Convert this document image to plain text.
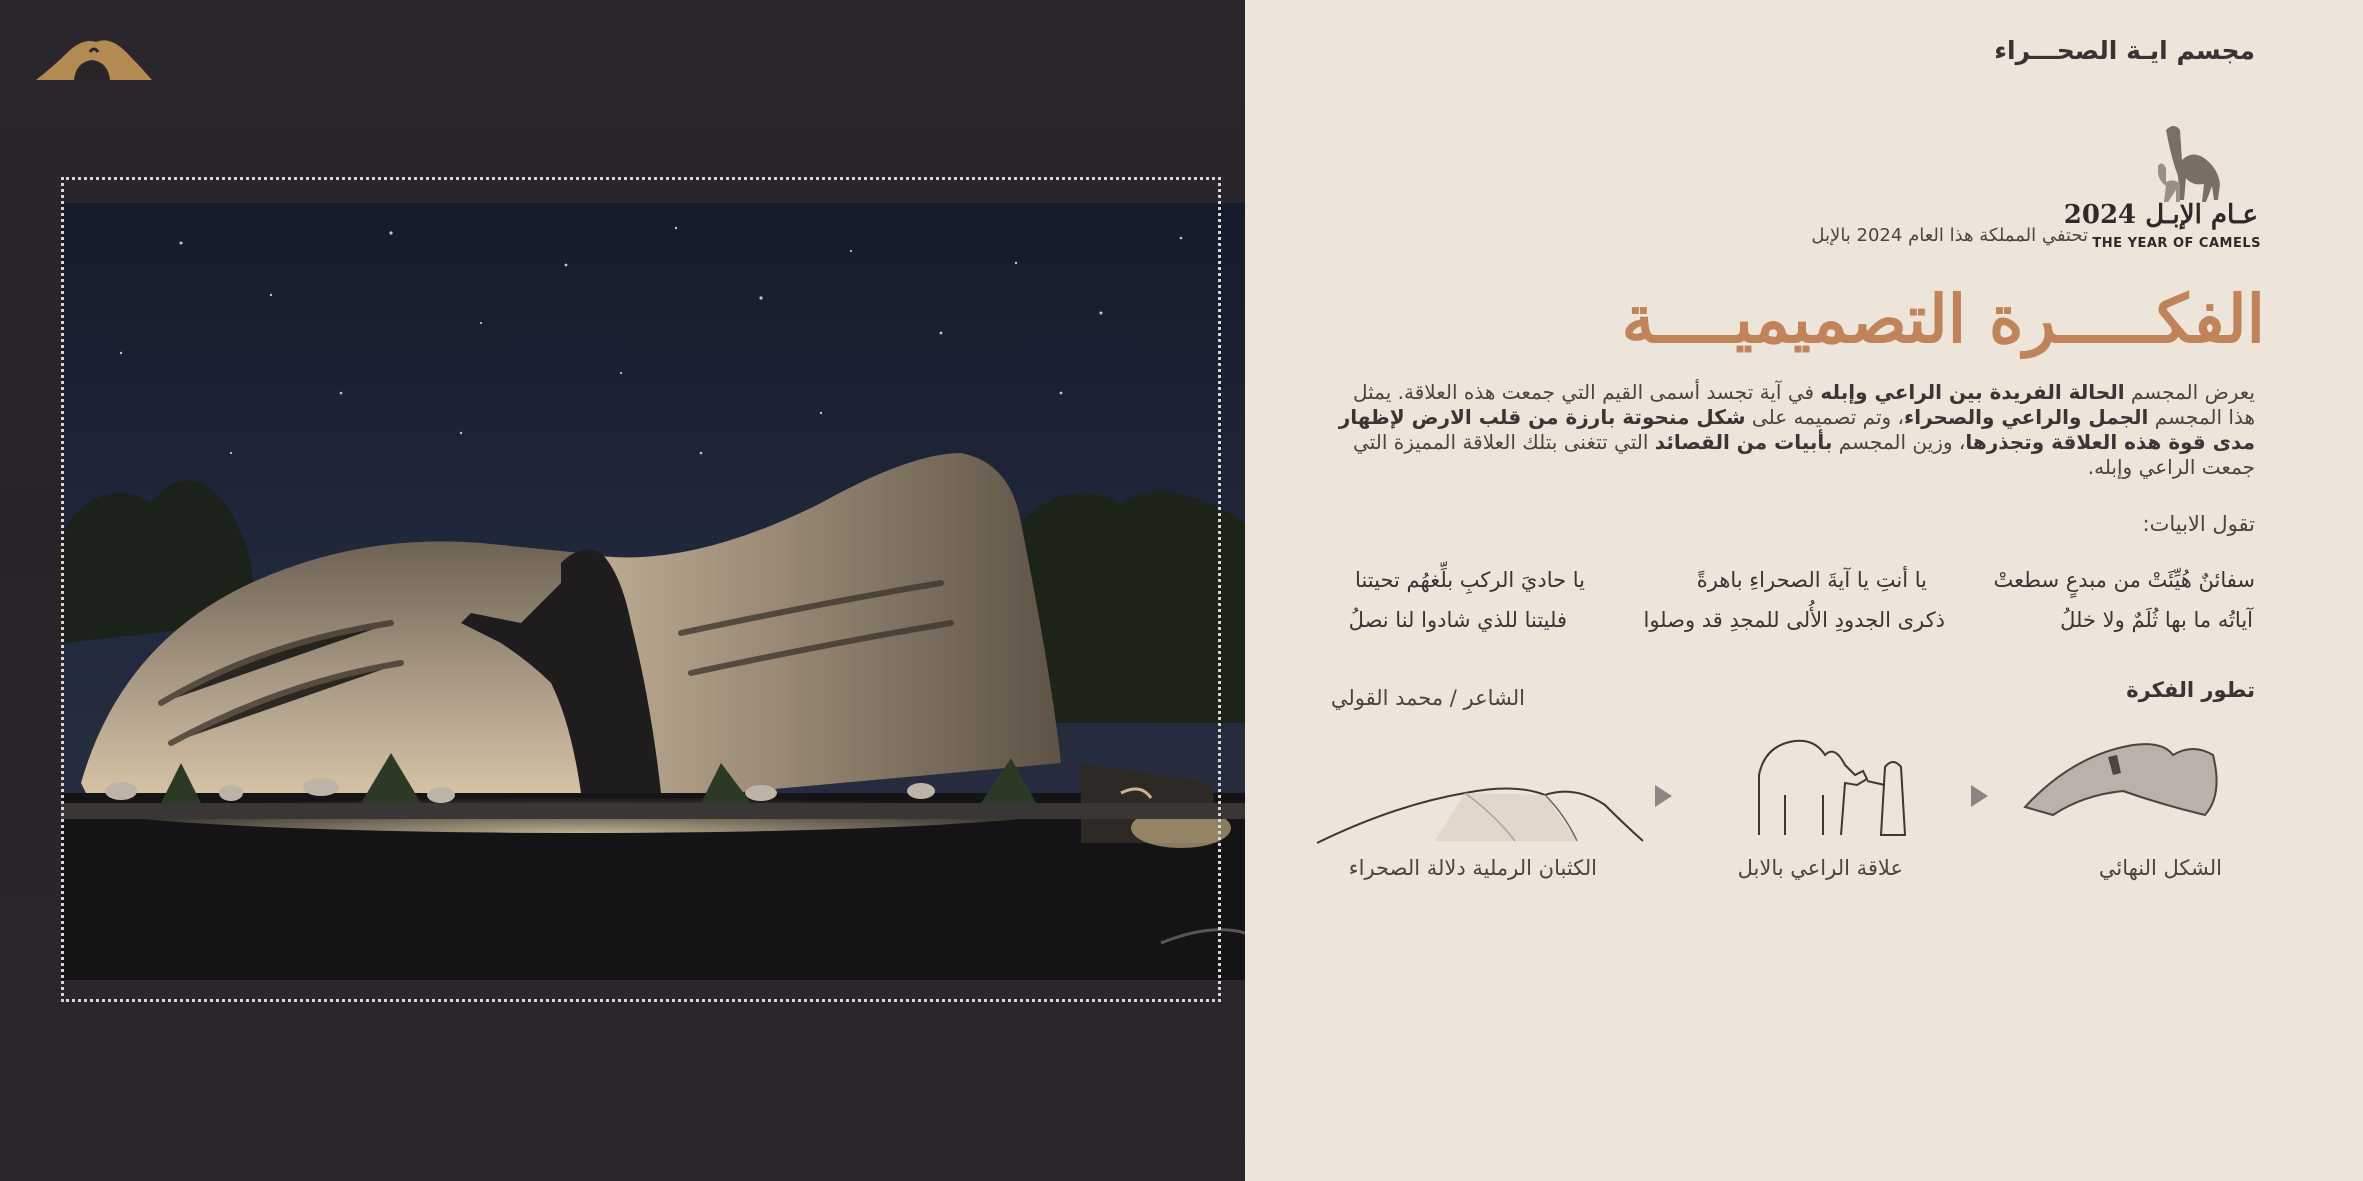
مجسم ايـة الصحـــراء
عـام الإبـل 2024
THE YEAR OF CAMELS
تحتفي المملكة هذا العام 2024 بالإبل
الفكـــــرة التصميميــــة
يعرض المجسم الحالة الفريدة بين الراعي وإبله في آية تجسد أسمى القيم التي جمعت هذه العلاقة. يمثل هذا المجسم الجمل والراعي والصحراء، وتم تصميمه على شكل منحوتة بارزة من قلب الارض لإظهار مدى قوة هذه العلاقة وتجذرها، وزين المجسم بأبيات من القصائد التي تتغنى بتلك العلاقة المميزة التي جمعت الراعي وإبله.
تقول الابيات:
سفائنٌ هُيِّئَتْ من مبدعٍ سطعتْ
يا أنتِ يا آيةَ الصحراءِ باهرةً
يا حاديَ الركبِ بلِّغهُم تحيتنا
آياتُه ما بها ثُلَمٌ ولا خللُ
ذكرى الجدودِ الأُلى للمجدِ قد وصلوا
فليتنا للذي شادوا لنا نصلُ
الشاعر / محمد القولي	تطور الفكرة
الشكل النهائي
علاقة الراعي بالابل
الكثبان الرملية دلالة الصحراء
